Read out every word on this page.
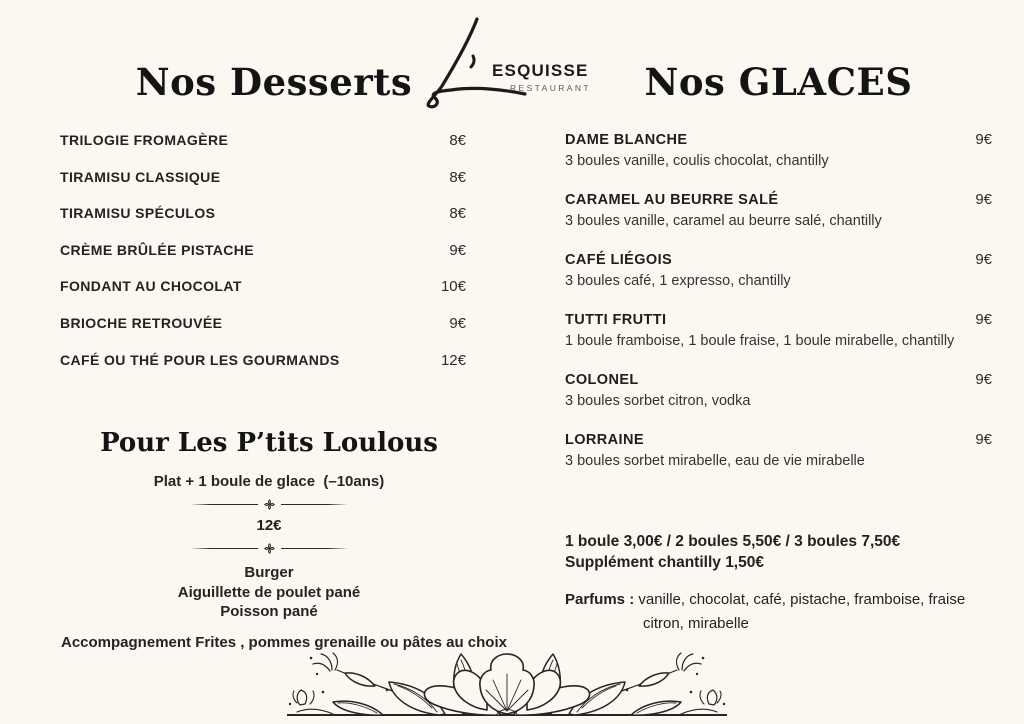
ESQUISSE
RESTAURANT
Nos Desserts	Nos GLACES
TRILOGIE FROMAGÈRE	8€
TIRAMISU CLASSIQUE	8€
TIRAMISU SPÉCULOS	8€
CRÈME BRÛLÉE PISTACHE	9€
FONDANT AU CHOCOLAT	10€
BRIOCHE RETROUVÉE	9€
CAFÉ OU THÉ POUR LES GOURMANDS	12€
DAME BLANCHE	9€
3 boules vanille, coulis chocolat, chantilly
CARAMEL AU BEURRE SALÉ	9€
3 boules vanille, caramel au beurre salé, chantilly
CAFÉ LIÉGOIS	9€
3 boules café, 1 expresso, chantilly
TUTTI FRUTTI	9€
1 boule framboise, 1 boule fraise, 1 boule mirabelle, chantilly
COLONEL	9€
3 boules sorbet citron, vodka
LORRAINE	9€
3 boules sorbet mirabelle, eau de vie mirabelle
1 boule 3,00€ / 2 boules 5,50€ / 3 boules 7,50€
Supplément chantilly 1,50€
Parfums : vanille, chocolat, café, pistache, framboise, fraise
citron, mirabelle
Pour Les P’tits Loulous
Plat + 1 boule de glace  (–10ans)
12€
Burger
Aiguillette de poulet pané
Poisson pané
Accompagnement Frites , pommes grenaille ou pâtes au choix
